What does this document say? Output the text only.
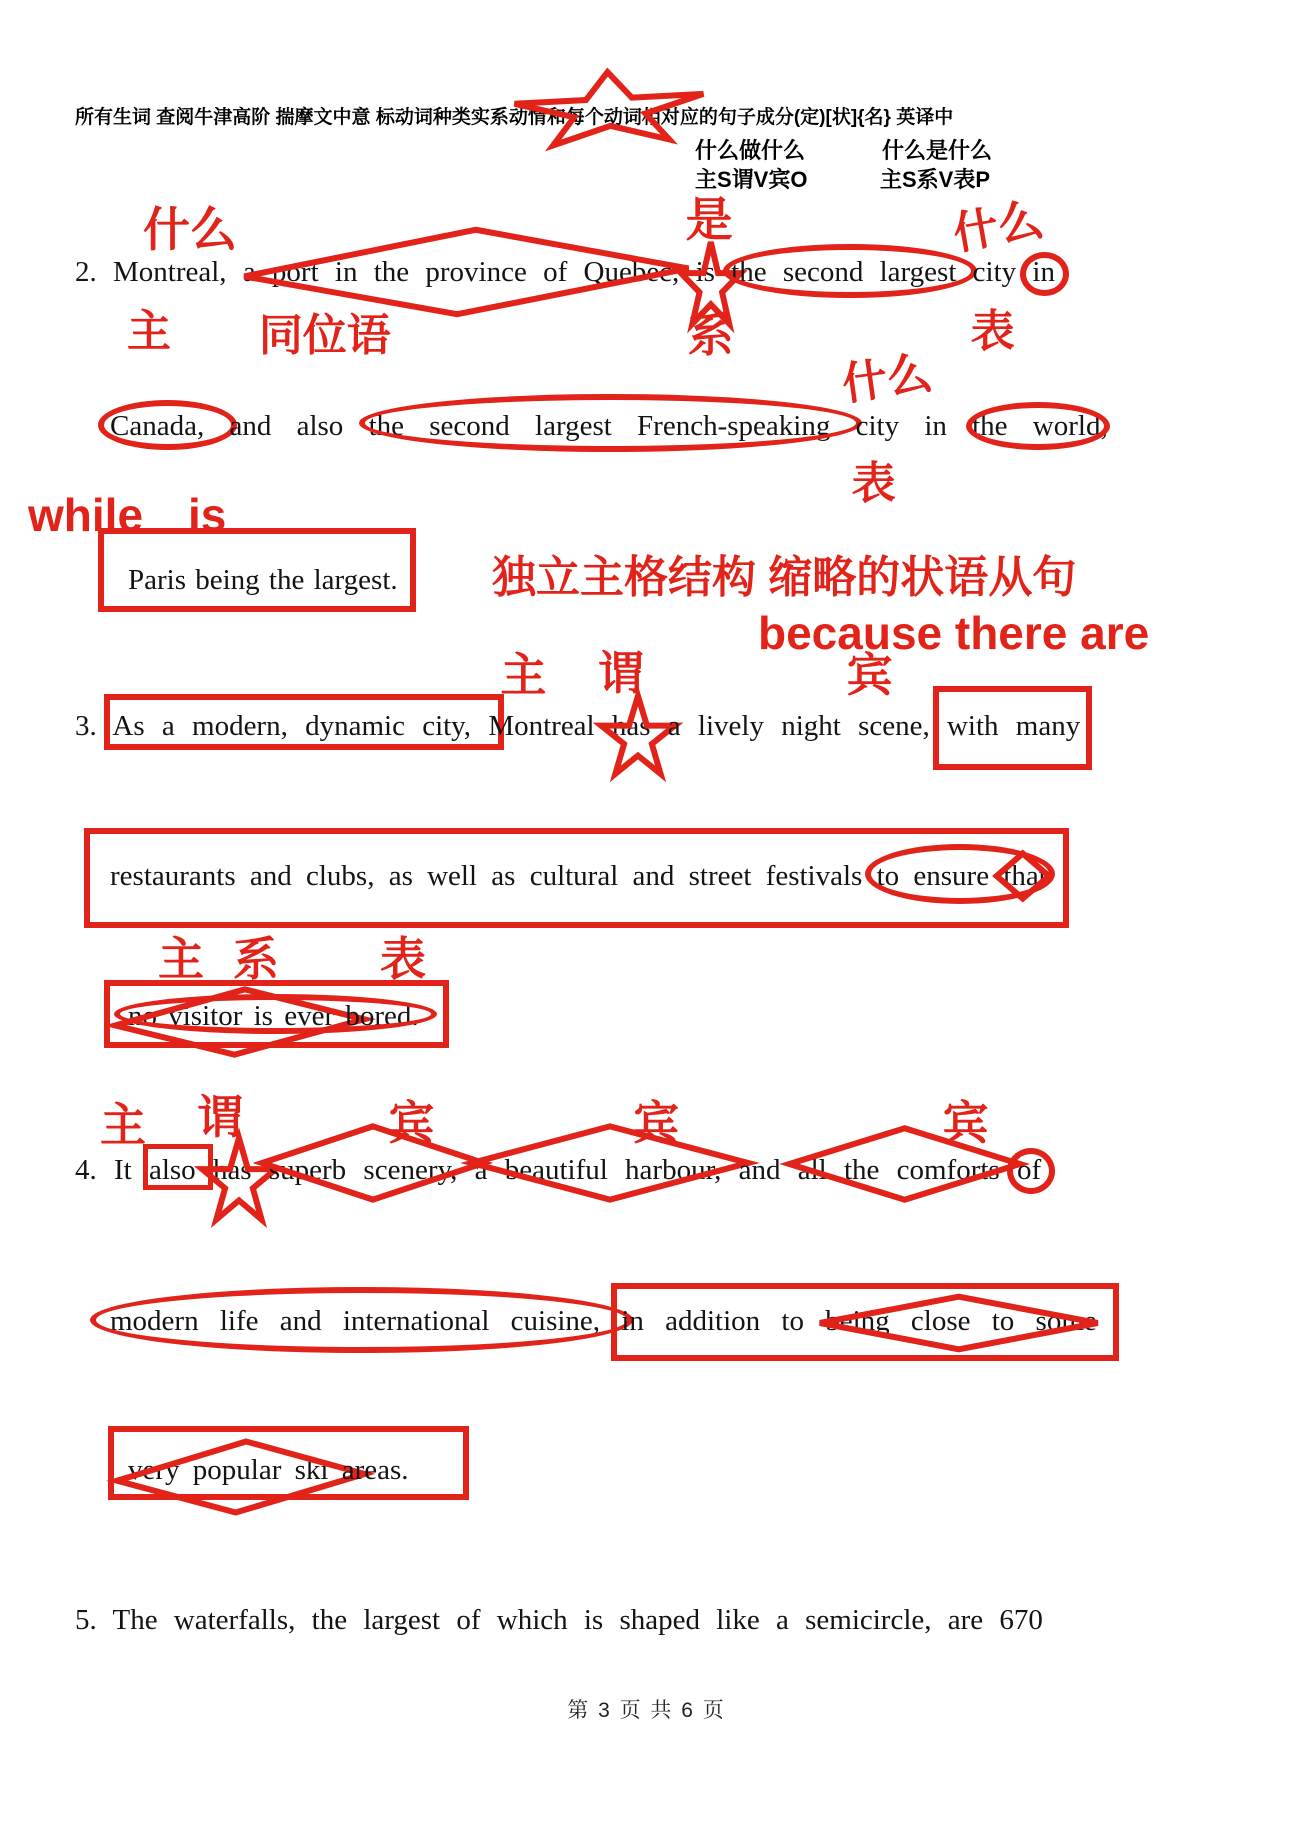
所有生词 查阅牛津高阶 揣摩文中意 标动词种类实系动情和每个动词相对应的句子成分(定)[状]{名} 英译中
什么做什么	什么是什么
主S谓V宾O	主S系V表P
2. Montreal,
什么
主
a port in the province of Quebec,
同位语
is
是
系
the second largest
city
什么
表
in
Canada,
and also the second largest French-speaking
city in
什么
表
the world,
while is
Paris being the largest. 独立主格结构 缩略的状语从句
because there are
3. As a modern, dynamic city,
Montreal
主
has
谓
a lively night scene,
宾
with many
restaurants and clubs, as well as cultural and street festivals to ensure that
主 系 表
no visitor is ever
bored.
4. It
主
also
has
谓
superb scenery,
宾
a beautiful harbour,
宾
and all the comforts
宾
of
modern life and international cuisine,
in addition to being close to some
very popular ski
areas.
5. The waterfalls, the largest of which is shaped like a semicircle, are 670
第 3 页 共 6 页
